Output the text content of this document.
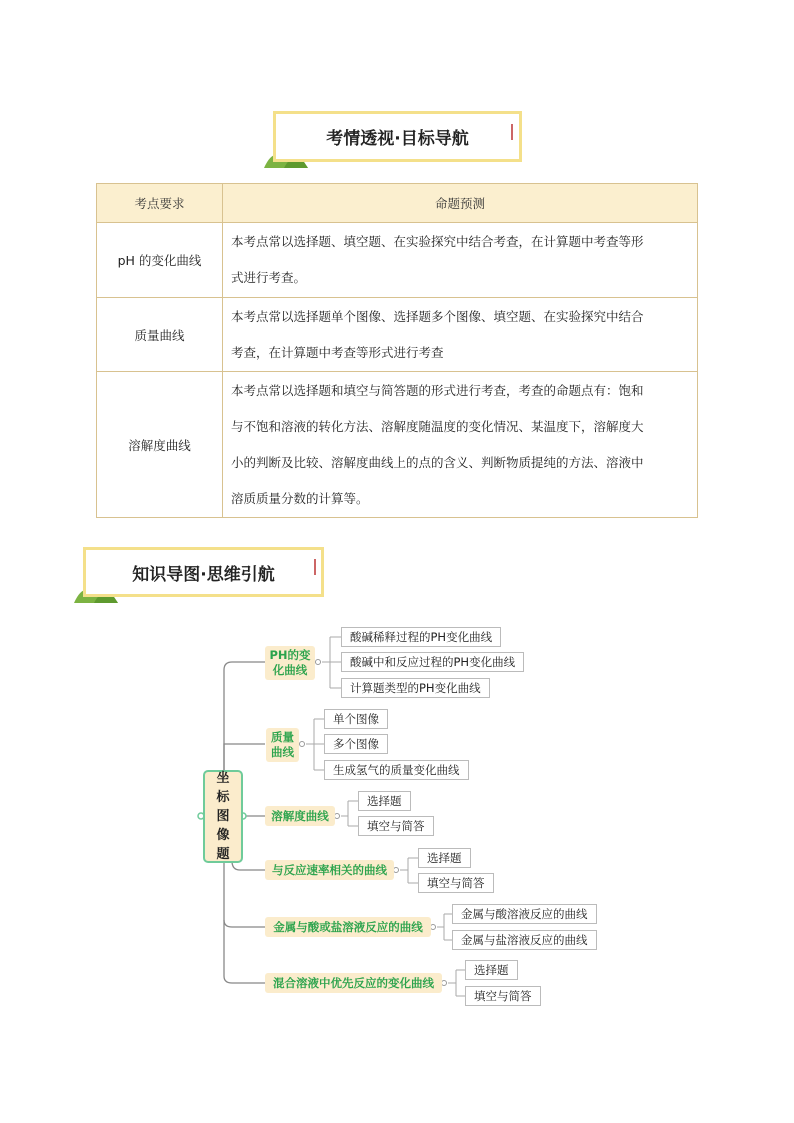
考情透视·目标导航
考点要求	命题预测
pH 的变化曲线	本考点常以选择题、填空题、在实验探究中结合考查，在计算题中考查等形
式进行考查。

质量曲线	本考点常以选择题单个图像、选择题多个图像、填空题、在实验探究中结合
考查，在计算题中考查等形式进行考查

溶解度曲线	本考点常以选择题和填空与简答题的形式进行考查，考查的命题点有：饱和
与不饱和溶液的转化方法、溶解度随温度的变化情况、某温度下，溶解度大
小的判断及比较、溶解度曲线上的点的含义、判断物质提纯的方法、溶液中
溶质质量分数的计算等。
知识导图·思维引航
坐标图像题
PH的变化曲线
质量曲线
溶解度曲线
与反应速率相关的曲线
金属与酸或盐溶液反应的曲线
混合溶液中优先反应的变化曲线
酸碱稀释过程的PH变化曲线
酸碱中和反应过程的PH变化曲线
计算题类型的PH变化曲线
单个图像
多个图像
生成氢气的质量变化曲线
选择题
填空与简答
选择题
填空与简答
金属与酸溶液反应的曲线
金属与盐溶液反应的曲线
选择题
填空与简答
